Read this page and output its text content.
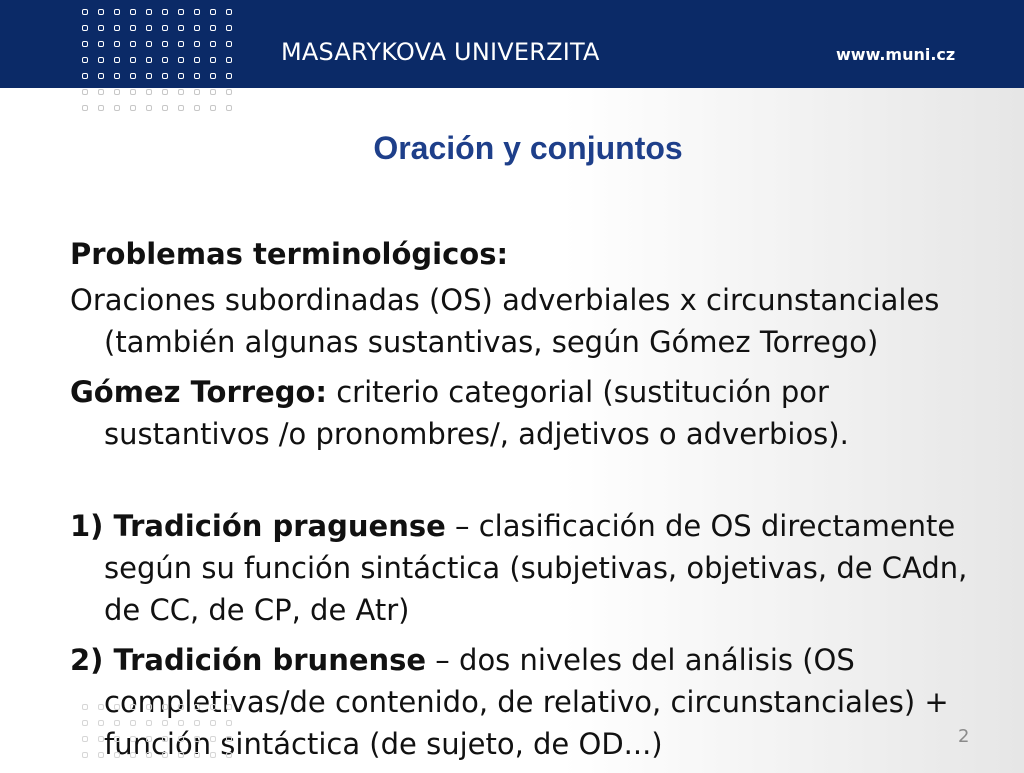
MASARYKOVA UNIVERZITA	www.muni.cz
Oración y conjuntos

Problemas terminológicos:

Oraciones subordinadas (OS) adverbiales x circunstanciales (también algunas sustantivas, según Gómez Torrego)

Gómez Torrego: criterio categorial (sustitución por sustantivos /o pronombres/, adjetivos o adverbios).

1) Tradición praguense – clasificación de OS directamente según su función sintáctica (subjetivas, objetivas, de CAdn, de CC, de CP, de Atr)

2) Tradición brunense – dos niveles del análisis (OS completivas/de contenido, de relativo, circunstanciales) + función sintáctica (de sujeto, de OD...)	2
